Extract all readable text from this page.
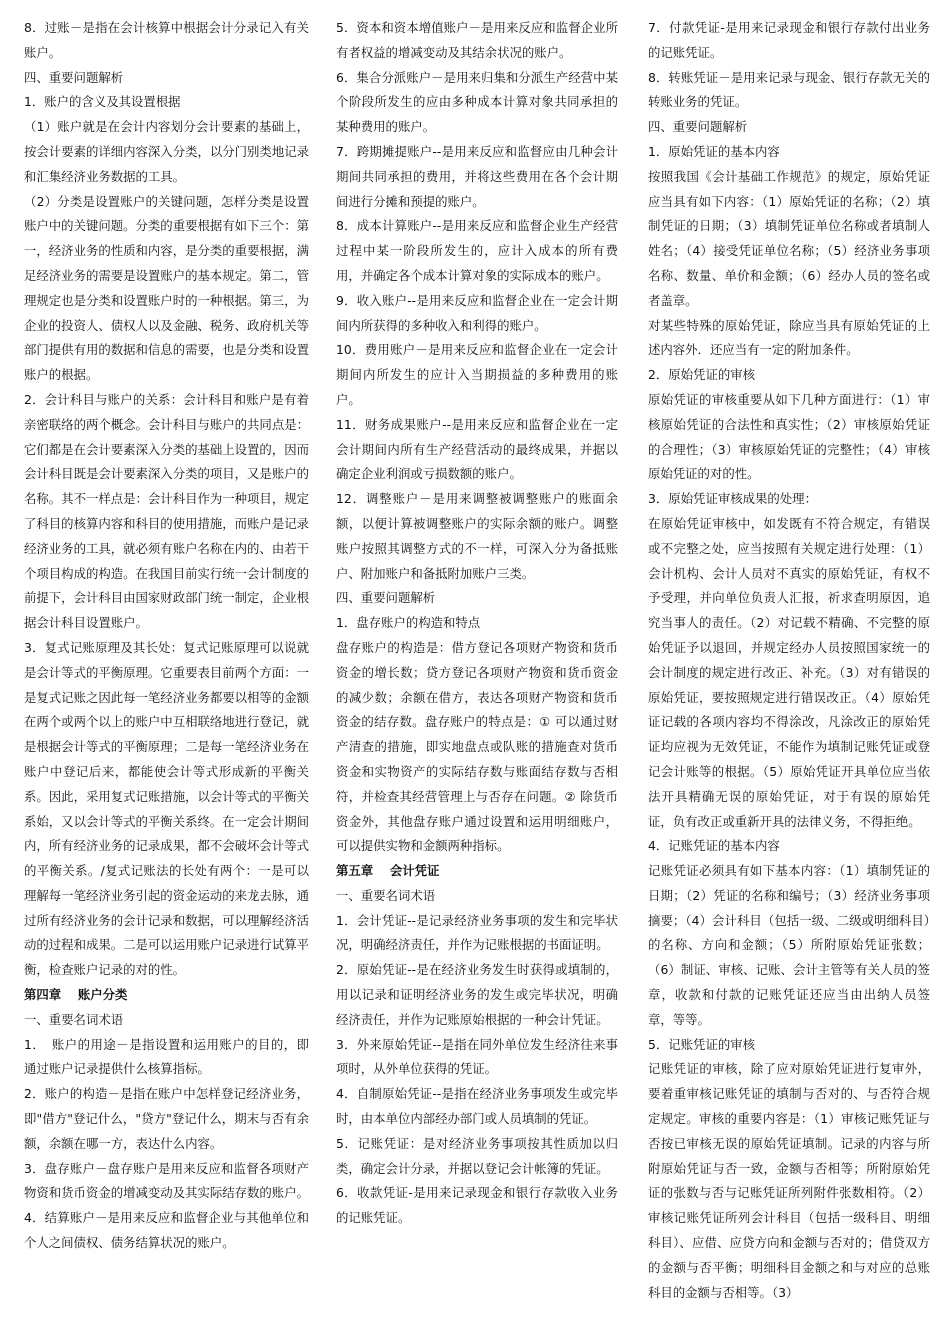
8．过账－是指在会计核算中根据会计分录记入有关账户。

四、重要问题解析

1．账户的含义及其设置根据

（1）账户就是在会计内容划分会计要素的基础上，按会计要素的详细内容深入分类，以分门别类地记录和汇集经济业务数据的工具。

（2）分类是设置账户的关键问题，怎样分类是设置账户中的关键问题。分类的重要根据有如下三个：第一，经济业务的性质和内容，是分类的重要根据，满足经济业务的需要是设置账户的基本规定。第二，管理规定也是分类和设置账户时的一种根据。第三，为企业的投资人、债权人以及金融、税务、政府机关等部门提供有用的数据和信息的需要，也是分类和设置账户的根据。

2．会计科目与账户的关系：会计科目和账户是有着亲密联络的两个概念。会计科目与账户的共同点是：它们都是在会计要素深入分类的基础上设置的，因而会计科目既是会计要素深入分类的项目，又是账户的名称。其不一样点是：会计科目作为一种项目，规定了科目的核算内容和科目的使用措施，而账户是记录经济业务的工具，就必须有账户名称在内的、由若干个项目构成的构造。在我国目前实行统一会计制度的前提下，会计科目由国家财政部门统一制定，企业根据会计科目设置账户。

3．复式记账原理及其长处：复式记账原理可以说就是会计等式的平衡原理。它重要表目前两个方面：一是复式记账之因此每一笔经济业务都要以相等的金额在两个或两个以上的账户中互相联络地进行登记，就是根据会计等式的平衡原理；二是每一笔经济业务在账户中登记后来，都能使会计等式形成新的平衡关系。因此，采用复式记账措施，以会计等式的平衡关系始，又以会计等式的平衡关系终。在一定会计期间内，所有经济业务的记录成果，都不会破坏会计等式的平衡关系。/复式记账法的长处有两个：一是可以理解每一笔经济业务引起的资金运动的来龙去脉，通过所有经济业务的会计记录和数据，可以理解经济活动的过程和成果。二是可以运用账户记录进行试算平衡，检查账户记录的对的性。

第四章　 账户分类

一、重要名词术语

1．　账户的用途－是指设置和运用账户的目的，即通过账户记录提供什么核算指标。

2．账户的构造－是指在账户中怎样登记经济业务，即"借方"登记什么，"贷方"登记什么，期末与否有余额，余额在哪一方，表达什么内容。

3．盘存账户－盘存账户是用来反应和监督各项财产物资和货币资金的增减变动及其实际结存数的账户。

4．结算账户－是用来反应和监督企业与其他单位和个人之间债权、债务结算状况的账户。

5．资本和资本增值账户－是用来反应和监督企业所有者权益的增减变动及其结余状况的账户。

6．集合分派账户－是用来归集和分派生产经营中某个阶段所发生的应由多种成本计算对象共同承担的某种费用的账户。

7．跨期摊提账户--是用来反应和监督应由几种会计期间共同承担的费用，并将这些费用在各个会计期间进行分摊和预提的账户。

8．成本计算账户--是用来反应和监督企业生产经营过程中某一阶段所发生的，应计入成本的所有费用，并确定各个成本计算对象的实际成本的账户。

9．收入账户--是用来反应和监督企业在一定会计期间内所获得的多种收入和利得的账户。

10．费用账户－是用来反应和监督企业在一定会计期间内所发生的应计入当期损益的多种费用的账户。

11．财务成果账户--是用来反应和监督企业在一定会计期间内所有生产经营活动的最终成果，并据以确定企业利润或亏损数额的账户。

12．调整账户－是用来调整被调整账户的账面余额，以便计算被调整账户的实际余额的账户。调整账户按照其调整方式的不一样，可深入分为备抵账户、附加账户和备抵附加账户三类。

四、重要问题解析

1．盘存账户的构造和特点

盘存账户的构造是：借方登记各项财产物资和货币资金的增长数；贷方登记各项财产物资和货币资金的减少数；余额在借方，表达各项财产物资和货币资金的结存数。盘存账户的特点是：① 可以通过财产清查的措施，即实地盘点或队账的措施查对货币资金和实物资产的实际结存数与账面结存数与否相符，并检查其经营管理上与否存在问题。② 除货币资金外，其他盘存账户通过设置和运用明细账户，可以提供实物和金额两种指标。

第五章　 会计凭证

一、重要名词术语

1．会计凭证--是记录经济业务事项的发生和完毕状况，明确经济责任，并作为记账根据的书面证明。

2．原始凭证--是在经济业务发生时获得或填制的，用以记录和证明经济业务的发生或完毕状况，明确经济责任，并作为记账原始根据的一种会计凭证。

3．外来原始凭证--是指在同外单位发生经济往来事项时，从外单位获得的凭证。

4．自制原始凭证--是指在经济业务事项发生或完毕时，由本单位内部经办部门或人员填制的凭证。

5．记账凭证：是对经济业务事项按其性质加以归类，确定会计分录，并据以登记会计帐簿的凭证。

6．收款凭证-是用来记录现金和银行存款收入业务的记账凭证。

7．付款凭证-是用来记录现金和银行存款付出业务的记账凭证。

8．转账凭证－是用来记录与现金、银行存款无关的转账业务的凭证。

四、重要问题解析

1．原始凭证的基本内容

按照我国《会计基础工作规范》的规定，原始凭证应当具有如下内容：（1）原始凭证的名称；（2）填制凭证的日期；（3）填制凭证单位名称或者填制人姓名；（4）接受凭证单位名称；（5）经济业务事项名称、数量、单价和金额；（6）经办人员的签名或者盖章。

对某些特殊的原始凭证，除应当具有原始凭证的上述内容外．还应当有一定的附加条件。

2．原始凭证的审核

原始凭证的审核重要从如下几种方面进行：（1）审核原始凭证的合法性和真实性；（2）审核原始凭证的合理性；（3）审核原始凭证的完整性；（4）审核原始凭证的对的性。

3．原始凭证审核成果的处理：

在原始凭证审核中，如发既有不符合规定，有错误或不完整之处，应当按照有关规定进行处理：（1）会计机构、会计人员对不真实的原始凭证，有权不予受理，并向单位负责人汇报，祈求查明原因，追究当事人的责任。（2）对记载不精确、不完整的原始凭证予以退回，并规定经办人员按照国家统一的会计制度的规定进行改正、补充。（3）对有错误的原始凭证，要按照规定进行错误改正。（4）原始凭证记载的各项内容均不得涂改，凡涂改正的原始凭证均应视为无效凭证，不能作为填制记账凭证或登记会计账等的根据。（5）原始凭证开具单位应当依法开具精确无误的原始凭证，对于有误的原始凭证，负有改正或重新开具的法律义务，不得拒绝。

4．记账凭证的基本内容

记账凭证必须具有如下基本内容：（1）填制凭证的日期；（2）凭证的名称和编号；（3）经济业务事项摘要；（4）会计科目（包括一级、二级或明细科目）的名称、方向和金额；（5）所附原始凭证张数；（6）制证、审核、记账、会计主管等有关人员的签章，收款和付款的记账凭证还应当由出纳人员签章，等等。

5．记账凭证的审核

记账凭证的审核，除了应对原始凭证进行复审外，要着重审核记账凭证的填制与否对的、与否符合规定规定。审核的重要内容是：（1）审核记账凭证与否按已审核无误的原始凭证填制。记录的内容与所附原始凭证与否一致，金额与否相等；所附原始凭证的张数与否与记账凭证所列附件张数相符。（2）审核记账凭证所列会计科目（包括一级科目、明细科目）、应借、应贷方向和金额与否对的；借贷双方的金额与否平衡；明细科目金额之和与对应的总账科目的金额与否相等。（3）
